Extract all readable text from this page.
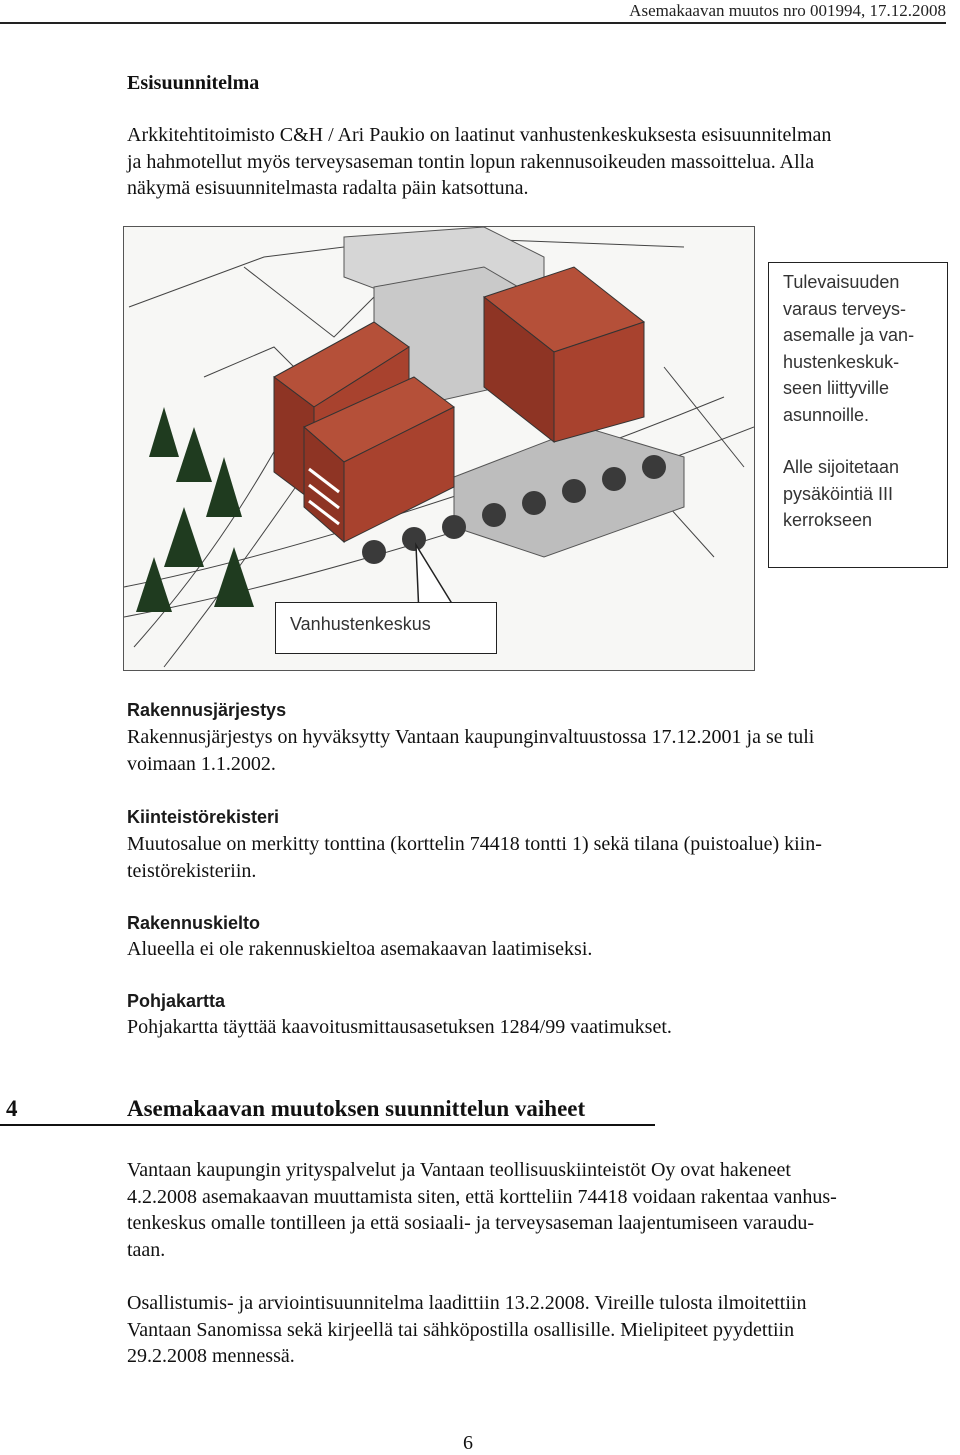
Asemakaavan muutos nro 001994, 17.12.2008
Esisuunnitelma
Arkkitehtitoimisto C&H / Ari Paukio on laatinut vanhustenkeskuksesta esisuunnitelman
ja hahmotellut myös terveysaseman tontin lopun rakennusoikeuden massoittelua. Alla
näkymä esisuunnitelmasta radalta päin katsottuna.
Tulevaisuuden
varaus terveys-
asemalle ja van-
hustenkeskuk-
seen liittyville
asunnoille.
Alle sijoitetaan
pysäköintiä III
kerrokseen
Vanhustenkeskus
Rakennusjärjestys
Rakennusjärjestys on hyväksytty Vantaan kaupunginvaltuustossa 17.12.2001 ja se tuli
voimaan 1.1.2002.
Kiinteistörekisteri
Muutosalue on merkitty tonttina (korttelin 74418 tontti 1) sekä tilana (puistoalue) kiin-
teistörekisteriin.
Rakennuskielto
Alueella ei ole rakennuskieltoa asemakaavan laatimiseksi.
Pohjakartta
Pohjakartta täyttää kaavoitusmittausasetuksen 1284/99 vaatimukset.
4	Asemakaavan muutoksen suunnittelun vaiheet
Vantaan kaupungin yrityspalvelut ja Vantaan teollisuuskiinteistöt Oy ovat hakeneet
4.2.2008 asemakaavan muuttamista siten, että kortteliin 74418 voidaan rakentaa vanhus-
tenkeskus omalle tontilleen ja että sosiaali- ja terveysaseman laajentumiseen varaudu-
taan.
Osallistumis- ja arviointisuunnitelma laadittiin 13.2.2008. Vireille tulosta ilmoitettiin
Vantaan Sanomissa sekä kirjeellä tai sähköpostilla osallisille. Mielipiteet pyydettiin
29.2.2008 mennessä.
6
